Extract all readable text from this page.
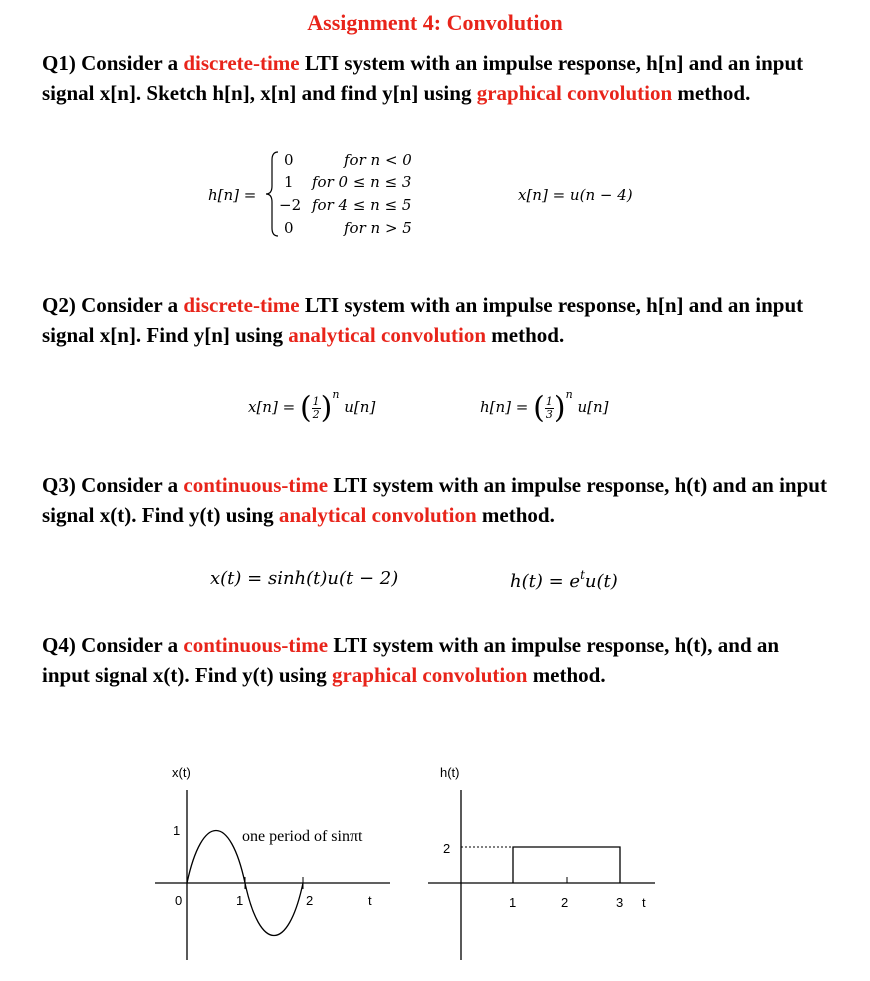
Assignment 4: Convolution
Q1) Consider a discrete-time LTI system with an impulse response, h[n] and an input signal x[n]. Sketch h[n], x[n] and find y[n] using graphical convolution method.
h[n] =
0	for n < 0
1	for 0 ≤ n ≤ 3
−2 for 4 ≤ n ≤ 5
0	for n > 5
x[n] = u(n − 4)
Q2) Consider a discrete-time LTI system with an impulse response, h[n] and an input signal x[n]. Find y[n] using analytical convolution method.
x[n] = ( $\frac{1}{2})^n$ u[n]	h[n] = ( $\frac{1}{3})^n$ u[n]
Q3) Consider a continuous-time LTI system with an impulse response, h(t) and an input signal x(t). Find y(t) using analytical convolution method.
x(t) = sinh(t)u(t − 2)	$h(t) = e^tu(t)$
Q4) Consider a continuous-time LTI system with an impulse response, h(t), and an input signal x(t). Find y(t) using graphical convolution method.
x(t)
1
0	1	2	t
one period of sinπt
h(t)
2
1	2	3 t
